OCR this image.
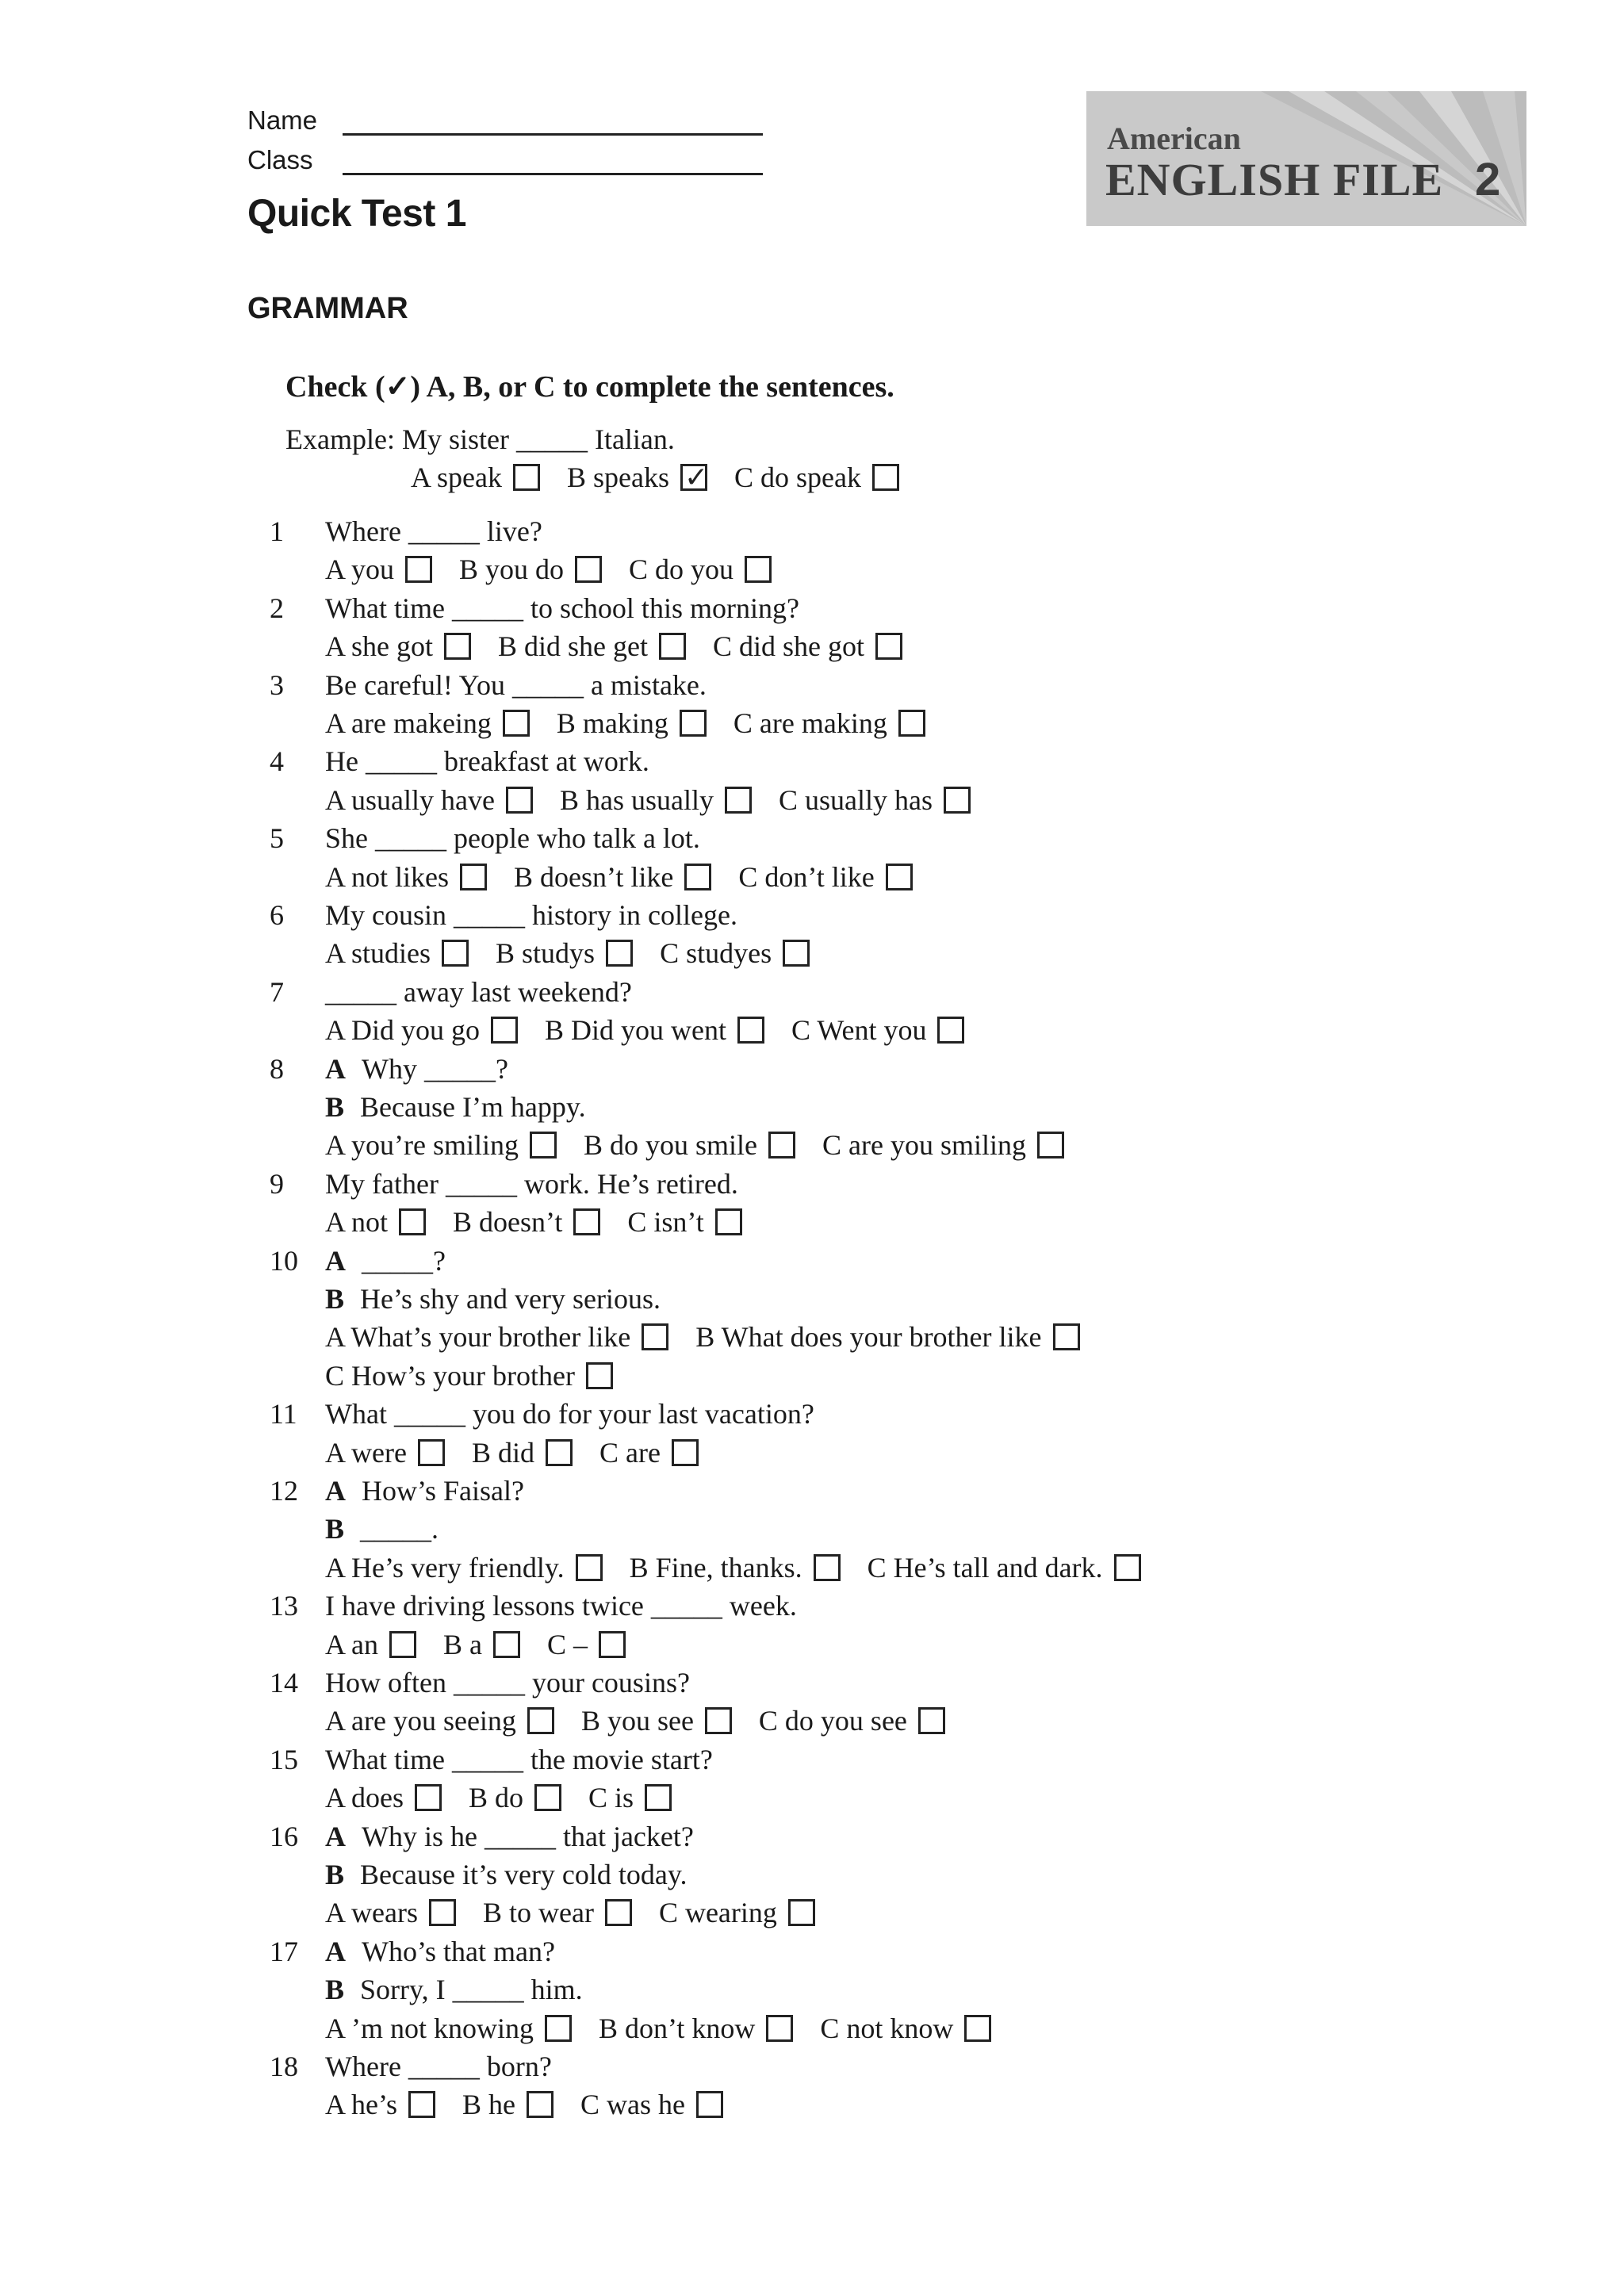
Name
Class
Quick Test 1
GRAMMAR
American
ENGLISH FILE 2
Check (✓) A, B, or C to complete the sentences.
Example: My sister _____ Italian.
A speak B speaks
✓ C do speak
1	Where _____ live?
A you B you do C do you
2	What time _____ to school this morning?
A she got B did she get C did she got
3	Be careful! You _____ a mistake.
A are makeing B making C are making
4	He _____ breakfast at work.
A usually have B has usually C usually has
5	She _____ people who talk a lot.
A not likes B doesn’t like C don’t like
6	My cousin _____ history in college.
A studies B studys C studyes
7	_____ away last weekend?
A Did you go B Did you went C Went you
8	A Why _____?
B Because I’m happy.
A you’re smiling B do you smile C are you smiling
9	My father _____ work. He’s retired.
A not B doesn’t C isn’t
10 A _____?
B He’s shy and very serious.
A What’s your brother like B What does your brother like
C How’s your brother
11 What _____ you do for your last vacation?
A were B did C are
12 A How’s Faisal?
B _____.
A He’s very friendly. B Fine, thanks. C He’s tall and dark.
13 I have driving lessons twice _____ week.
A an B a C –
14 How often _____ your cousins?
A are you seeing B you see C do you see
15 What time _____ the movie start?
A does B do C is
16 A Why is he _____ that jacket?
B Because it’s very cold today.
A wears B to wear C wearing
17 A Who’s that man?
B Sorry, I _____ him.
A ’m not knowing B don’t know C not know
18 Where _____ born?
A he’s B he C was he
